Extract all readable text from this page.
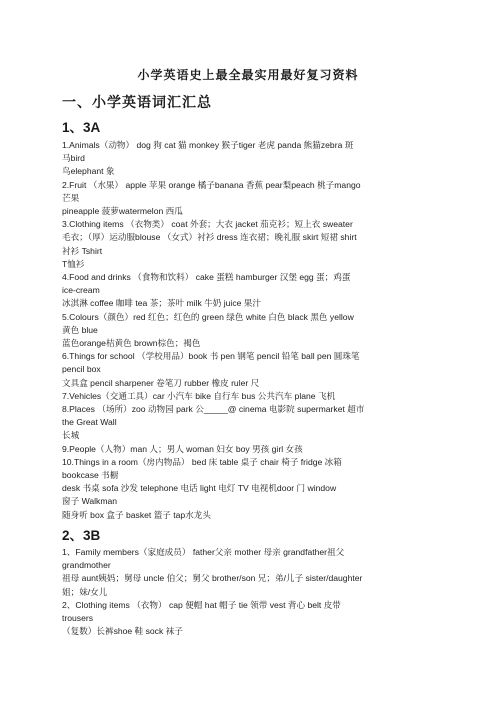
小学英语史上最全最实用最好复习资料
一、小学英语词汇汇总
1、3A
1.Animals（动物） dog 狗 cat 猫 monkey 猴子tiger 老虎 panda 熊猫zebra 斑
马bird
鸟elephant 象
2.Fruit （水果） apple 苹果 orange 橘子banana 香蕉 pear梨peach 桃子mango
芒果
pineapple 菠萝watermelon 西瓜
3.Clothing items （衣物类） coat 外套；大衣 jacket 茄克衫；短上衣 sweater
毛衣；（厚）运动服blouse （女式）衬衫 dress 连衣裙；晚礼服 skirt 短裙 shirt
衬衫 Tshirt
T恤衫
4.Food and drinks （食物和饮料） cake 蛋糕 hamburger 汉堡 egg 蛋；鸡蛋
ice-cream
冰淇淋 coffee 咖啡 tea 茶；茶叶 milk 牛奶 juice 果汁
5.Colours（颜色）red 红色；红色的 green 绿色 white 白色 black 黑色 yellow
黄色 blue
蓝色orange桔黄色 brown棕色；褐色
6.Things for school （学校用品）book 书 pen 钢笔 pencil 铅笔 ball pen 圆珠笔
pencil box
文具盒 pencil sharpener 卷笔刀 rubber 橡皮 ruler 尺
7.Vehicles（交通工具）car 小汽车 bike 自行车 bus 公共汽车 plane 飞机
8.Places （场所）zoo 动物园 park 公_____@ cinema 电影院 supermarket 超市
the Great Wall
长城
9.People（人物）man 人；男人 woman 妇女 boy 男孩 girl 女孩
10.Things in a room（房内物品） bed 床 table 桌子 chair 椅子 fridge 冰箱
bookcase 书橱
desk 书桌 sofa 沙发 telephone 电话 light 电灯 TV 电视机door 门 window
窗子 Walkman
随身听 box 盒子 basket 篮子 tap水龙头
2、3B
1、Family members（家庭成员） father父亲 mother 母亲 grandfather祖父
grandmother
祖母 aunt姨妈；舅母 uncle 伯父；舅父 brother/son 兄；弟/儿子 sister/daughter
姐；妹/女儿
2、Clothing items （衣物） cap 便帽 hat 帽子 tie 领带 vest 背心 belt 皮带
trousers
（复数）长裤shoe 鞋 sock 袜子
